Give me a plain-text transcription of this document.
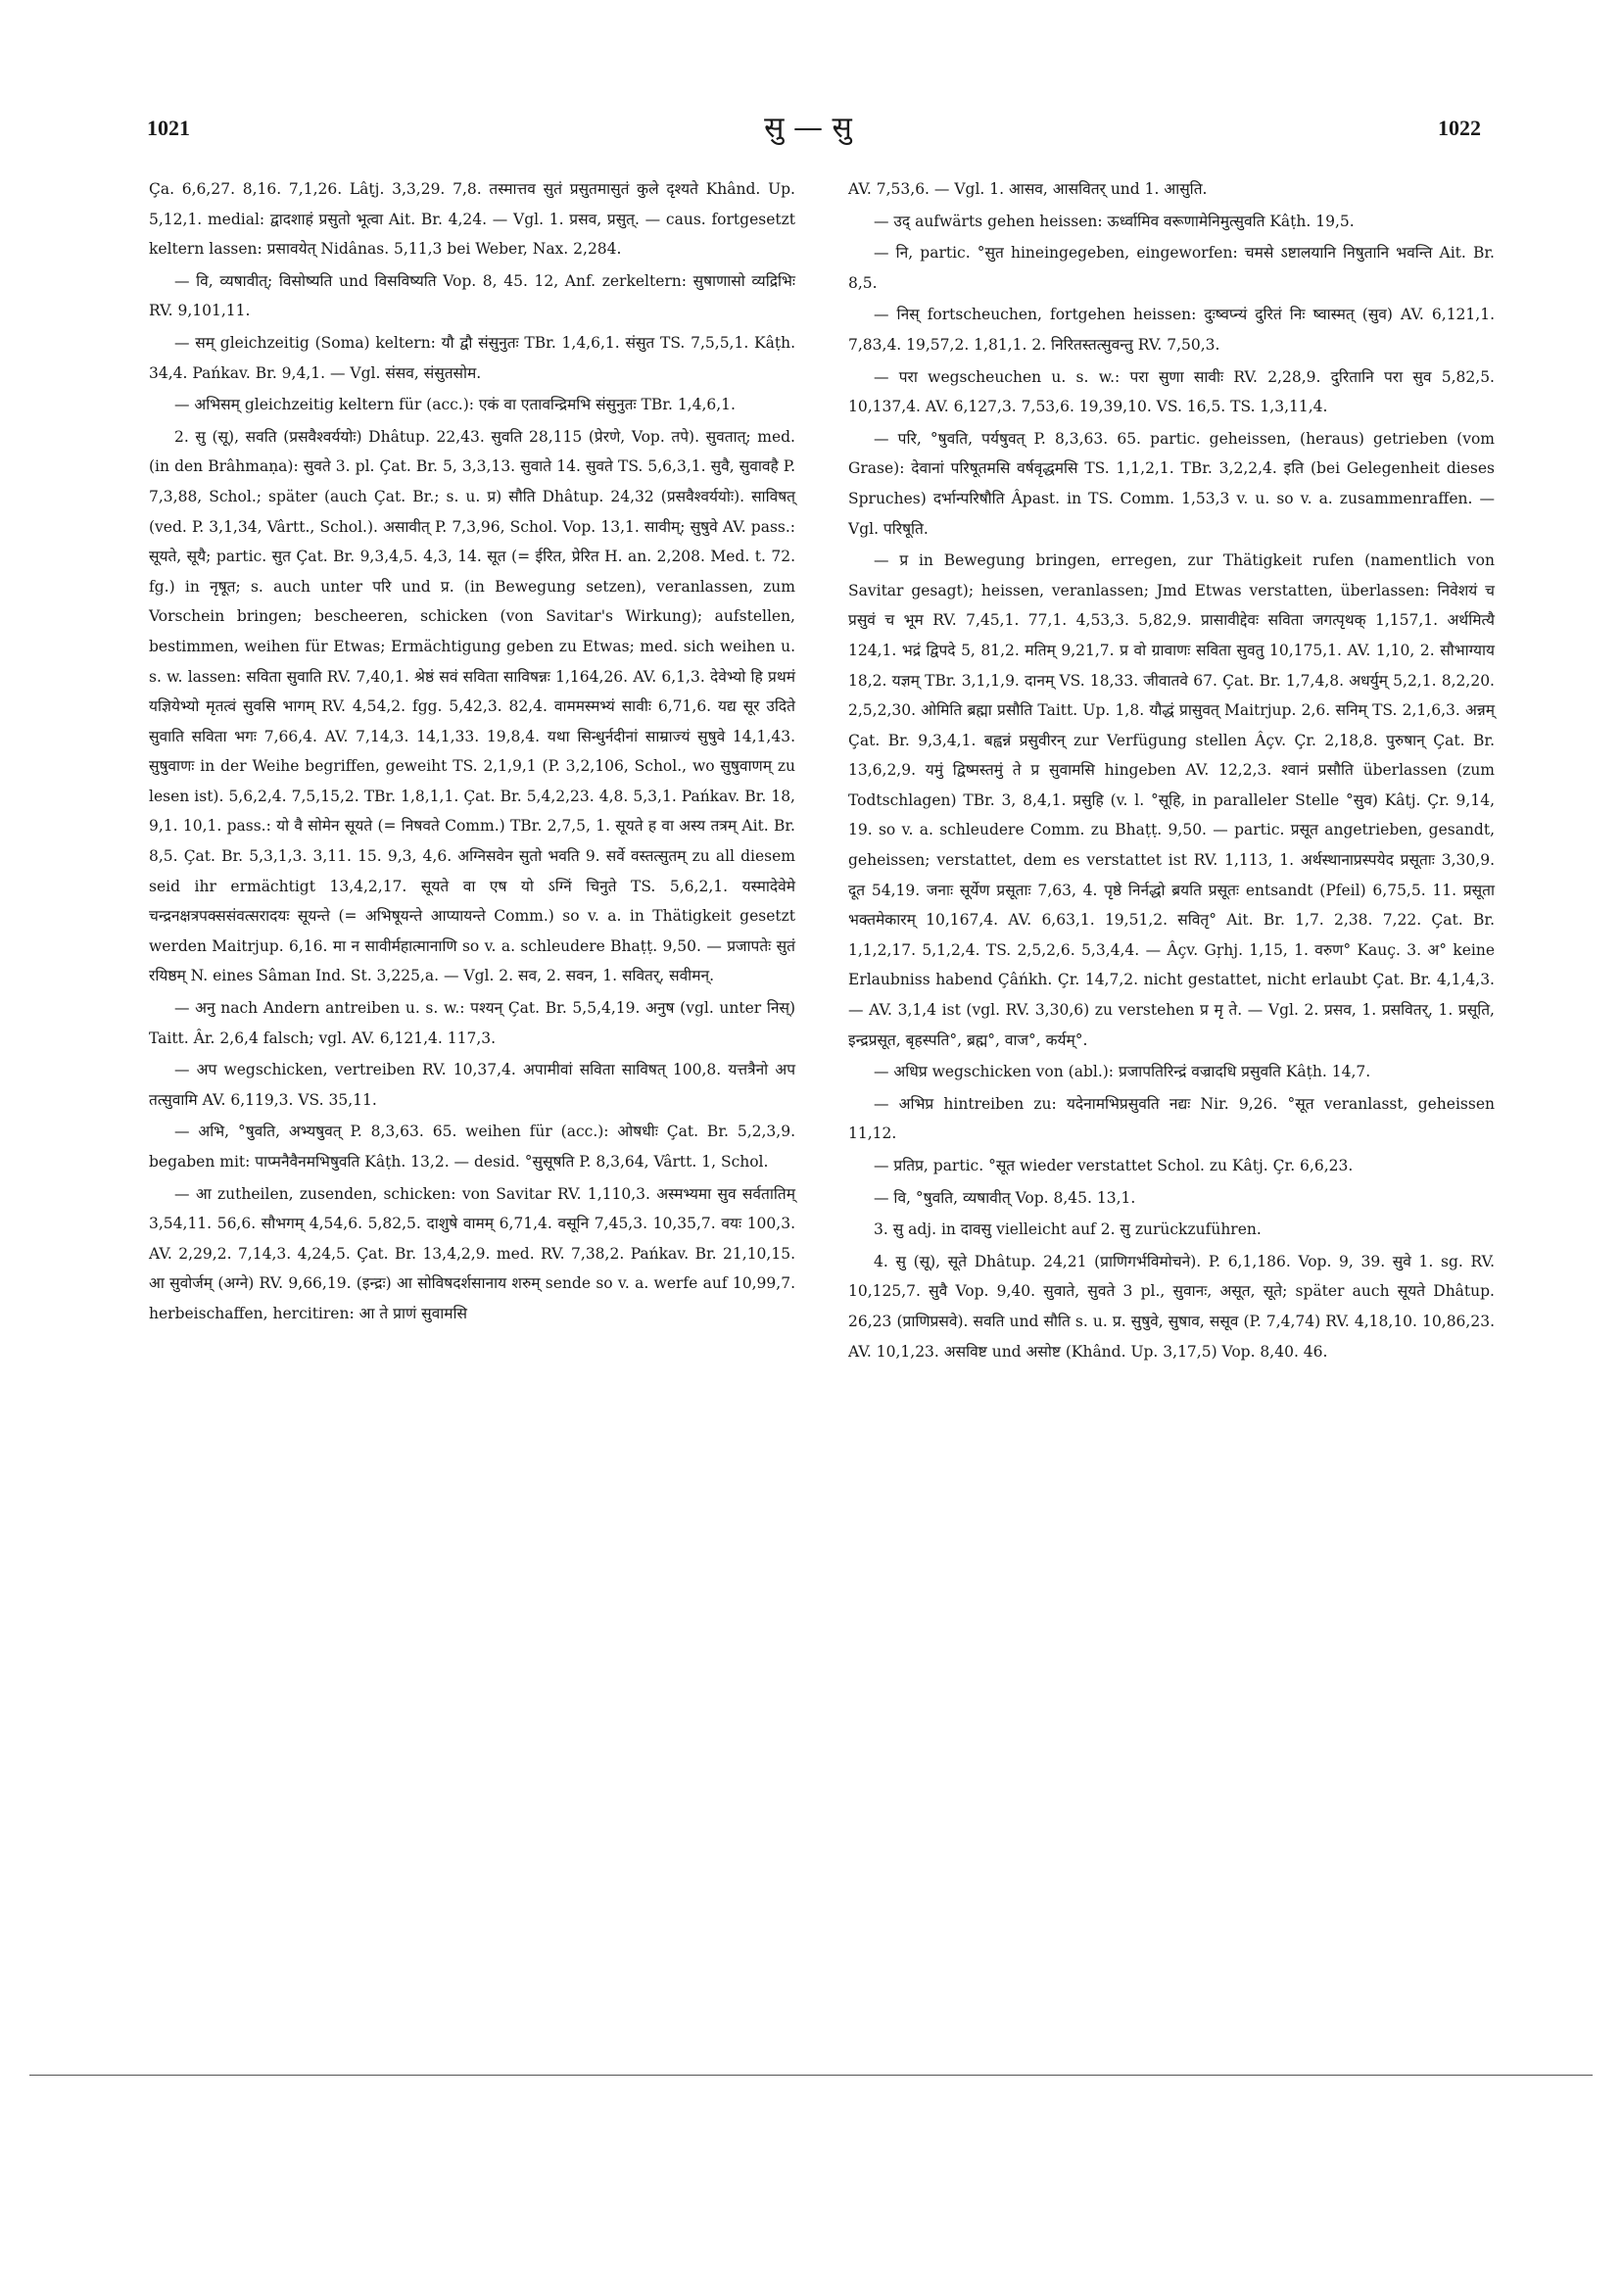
1021	सु — सु	1022

Ça. 6,6,27. 8,16. 7,1,26. Lâṭj. 3,3,29. 7,8. तस्मात्तव सुतं प्रसुतमासुतं कुले दृश्यते Khând. Up. 5,12,1. medial: द्वादशाहं प्रसुतो भूत्वा Ait. Br. 4,24. — Vgl. 1. प्रसव, प्रसुत्. — caus. fortgesetzt keltern lassen: प्रसावयेत् Nidânas. 5,11,3 bei Weber, Nax. 2,284.

— वि, व्यषावीत्; विसोष्यति und विसविष्यति Vop. 8, 45. 12, Anf. zerkeltern: सुषाणासो व्यद्रिभिः RV. 9,101,11.

— सम् gleichzeitig (Soma) keltern: यौ द्वौ संसुनुतः TBr. 1,4,6,1. संसुत TS. 7,5,5,1. Kâṭh. 34,4. Pańkav. Br. 9,4,1. — Vgl. संसव, संसुतसोम.

— अभिसम् gleichzeitig keltern für (acc.): एकं वा एतावन्द्रिमभि संसुनुतः TBr. 1,4,6,1.

2. सु (सू), सवति (प्रसवैश्वर्ययोः) Dhâtup. 22,43. सुवति 28,115 (प्रेरणे, Vop. तपे). सुवतात्; med. (in den Brâhmaṇa): सुवते 3. pl. Çat. Br. 5, 3,3,13. सुवाते 14. सुवते TS. 5,6,3,1. सुवै, सुवावहै P. 7,3,88, Schol.; später (auch Çat. Br.; s. u. प्र) सौति Dhâtup. 24,32 (प्रसवैश्वर्ययोः). साविषत् (ved. P. 3,1,34, Vârtt., Schol.). असावीत् P. 7,3,96, Schol. Vop. 13,1. सावीम्; सुषुवे AV. pass.: सूयते, सूयै; partic. सुत Çat. Br. 9,3,4,5. 4,3, 14. सूत (= ईरित, प्रेरित H. an. 2,208. Med. t. 72. fg.) in नृषूत; s. auch unter परि und प्र. (in Bewegung setzen), veranlassen, zum Vorschein bringen; bescheeren, schicken (von Savitar's Wirkung); aufstellen, bestimmen, weihen für Etwas; Ermächtigung geben zu Etwas; med. sich weihen u. s. w. lassen: सविता सुवाति RV. 7,40,1. श्रेष्ठं सवं सविता साविषन्नः 1,164,26. AV. 6,1,3. देवेभ्यो हि प्रथमं यज्ञियेभ्यो मृतत्वं सुवसि भागम् RV. 4,54,2. fgg. 5,42,3. 82,4. वाममस्मभ्यं सावीः 6,71,6. यद्य सूर उदिते सुवाति सविता भगः 7,66,4. AV. 7,14,3. 14,1,33. 19,8,4. यथा सिन्धुर्नदीनां साम्राज्यं सुषुवे 14,1,43. सुषुवाणः in der Weihe begriffen, geweiht TS. 2,1,9,1 (P. 3,2,106, Schol., wo सुषुवाणम् zu lesen ist). 5,6,2,4. 7,5,15,2. TBr. 1,8,1,1. Çat. Br. 5,4,2,23. 4,8. 5,3,1. Pańkav. Br. 18, 9,1. 10,1. pass.: यो वै सोमेन सूयते (= निषवते Comm.) TBr. 2,7,5, 1. सूयते ह वा अस्य तत्रम् Ait. Br. 8,5. Çat. Br. 5,3,1,3. 3,11. 15. 9,3, 4,6. अग्निसवेन सुतो भवति 9. सर्वे वस्तत्सुतम् zu all diesem seid ihr ermächtigt 13,4,2,17. सूयते वा एष यो ऽग्निं चिनुते TS. 5,6,2,1. यस्मादेवेमे चन्द्रनक्षत्रपक्ससंवत्सरादयः सूयन्ते (= अभिषूयन्ते आप्यायन्ते Comm.) so v. a. in Thätigkeit gesetzt werden Maitrjup. 6,16. मा न सावीर्महात्मानाणि so v. a. schleudere Bhaṭṭ. 9,50. — प्रजापतेः सुतं रयिष्ठम् N. eines Sâman Ind. St. 3,225,a. — Vgl. 2. सव, 2. सवन, 1. सवितर्, सवीमन्.

— अनु nach Andern antreiben u. s. w.: पश्यन् Çat. Br. 5,5,4,19. अनुष (vgl. unter निस्) Taitt. Âr. 2,6,4 falsch; vgl. AV. 6,121,4. 117,3.

— अप wegschicken, vertreiben RV. 10,37,4. अपामीवां सविता साविषत् 100,8. यत्तत्रैनो अप तत्सुवामि AV. 6,119,3. VS. 35,11.

— अभि, °षुवति, अभ्यषुवत् P. 8,3,63. 65. weihen für (acc.): ओषधीः Çat. Br. 5,2,3,9. begaben mit: पाप्मनैवैनमभिषुवति Kâṭh. 13,2. — desid. °सुसूषति P. 8,3,64, Vârtt. 1, Schol.

— आ zutheilen, zusenden, schicken: von Savitar RV. 1,110,3. अस्मभ्यमा सुव सर्वतातिम् 3,54,11. 56,6. सौभगम् 4,54,6. 5,82,5. दाशुषे वामम् 6,71,4. वसूनि 7,45,3. 10,35,7. वयः 100,3. AV. 2,29,2. 7,14,3. 4,24,5. Çat. Br. 13,4,2,9. med. RV. 7,38,2. Pańkav. Br. 21,10,15. आ सुवोर्जम् (अग्ने) RV. 9,66,19. (इन्द्रः) आ सोविषदर्शसानाय शरुम् sende so v. a. werfe auf 10,99,7. herbeischaffen, hercitiren: आ ते प्राणं सुवामसि

AV. 7,53,6. — Vgl. 1. आसव, आसवितर् und 1. आसुति.

— उद् aufwärts gehen heissen: ऊर्ध्वामिव वरूणामेनिमुत्सुवति Kâṭh. 19,5.

— नि, partic. °सुत hineingegeben, eingeworfen: चमसे ऽष्टालयानि निषुतानि भवन्ति Ait. Br. 8,5.

— निस् fortscheuchen, fortgehen heissen: दुःष्वप्न्यं दुरितं निः ष्वास्मत् (सुव) AV. 6,121,1. 7,83,4. 19,57,2. 1,81,1. 2. निरितस्तत्सुवन्तु RV. 7,50,3.

— परा wegscheuchen u. s. w.: परा सुणा सावीः RV. 2,28,9. दुरितानि परा सुव 5,82,5. 10,137,4. AV. 6,127,3. 7,53,6. 19,39,10. VS. 16,5. TS. 1,3,11,4.

— परि, °षुवति, पर्यषुवत् P. 8,3,63. 65. partic. geheissen, (heraus) getrieben (vom Grase): देवानां परिषूतमसि वर्षवृद्धमसि TS. 1,1,2,1. TBr. 3,2,2,4. इति (bei Gelegenheit dieses Spruches) दर्भान्परिषौति Âpast. in TS. Comm. 1,53,3 v. u. so v. a. zusammenraffen. — Vgl. परिषूति.

— प्र in Bewegung bringen, erregen, zur Thätigkeit rufen (namentlich von Savitar gesagt); heissen, veranlassen; Jmd Etwas verstatten, überlassen: निवेशयं च प्रसुवं च भूम RV. 7,45,1. 77,1. 4,53,3. 5,82,9. प्रासावीद्देवः सविता जगत्पृथक् 1,157,1. अर्थमित्यै 124,1. भद्रं द्विपदे 5, 81,2. मतिम् 9,21,7. प्र वो ग्रावाणः सविता सुवतु 10,175,1. AV. 1,10, 2. सौभाग्याय 18,2. यज्ञम् TBr. 3,1,1,9. दानम् VS. 18,33. जीवातवे 67. Çat. Br. 1,7,4,8. अधर्युम् 5,2,1. 8,2,20. 2,5,2,30. ओमिति ब्रह्मा प्रसौति Taitt. Up. 1,8. यौद्धं प्रासुवत् Maitrjup. 2,6. सनिम् TS. 2,1,6,3. अन्नम् Çat. Br. 9,3,4,1. बह्वन्नं प्रसुवीरन् zur Verfügung stellen Âçv. Çr. 2,18,8. पुरुषान् Çat. Br. 13,6,2,9. यमुं द्विष्मस्तमुं ते प्र सुवामसि hingeben AV. 12,2,3. श्वानं प्रसौति überlassen (zum Todtschlagen) TBr. 3, 8,4,1. प्रसुहि (v. l. °सूहि, in paralleler Stelle °सुव) Kâtj. Çr. 9,14, 19. so v. a. schleudere Comm. zu Bhaṭṭ. 9,50. — partic. प्रसूत angetrieben, gesandt, geheissen; verstattet, dem es verstattet ist RV. 1,113, 1. अर्थस्थानाप्रस्पयेद प्रसूताः 3,30,9. दूत 54,19. जनाः सूर्येण प्रसूताः 7,63, 4. पृष्ठे निर्नद्धो ब्रयति प्रसूतः entsandt (Pfeil) 6,75,5. 11. प्रसूता भक्तमेकारम् 10,167,4. AV. 6,63,1. 19,51,2. सवितृ° Ait. Br. 1,7. 2,38. 7,22. Çat. Br. 1,1,2,17. 5,1,2,4. TS. 2,5,2,6. 5,3,4,4. — Âçv. Gṛhj. 1,15, 1. वरुण° Kauç. 3. अ° keine Erlaubniss habend Çâńkh. Çr. 14,7,2. nicht gestattet, nicht erlaubt Çat. Br. 4,1,4,3. — AV. 3,1,4 ist (vgl. RV. 3,30,6) zu verstehen प्र मृ ते. — Vgl. 2. प्रसव, 1. प्रसवितर्, 1. प्रसूति, इन्द्रप्रसूत, बृहस्पति°, ब्रह्म°, वाज°, कर्यम्°.

— अधिप्र wegschicken von (abl.): प्रजापतिरिन्द्रं वज्रादधि प्रसुवति Kâṭh. 14,7.

— अभिप्र hintreiben zu: यदेनामभिप्रसुवति नद्यः Nir. 9,26. °सूत veranlasst, geheissen 11,12.

— प्रतिप्र, partic. °सूत wieder verstattet Schol. zu Kâtj. Çr. 6,6,23.

— वि, °षुवति, व्यषावीत् Vop. 8,45. 13,1.

3. सु adj. in दावसु vielleicht auf 2. सु zurückzuführen.

4. सु (सू), सूते Dhâtup. 24,21 (प्राणिगर्भविमोचने). P. 6,1,186. Vop. 9, 39. सुवे 1. sg. RV. 10,125,7. सुवै Vop. 9,40. सुवाते, सुवते 3 pl., सुवानः, असूत, सूते; später auch सूयते Dhâtup. 26,23 (प्राणिप्रसवे). सवति und सौति s. u. प्र. सुषुवे, सुषाव, ससूव (P. 7,4,74) RV. 4,18,10. 10,86,23. AV. 10,1,23. असविष्ट und असोष्ट (Khând. Up. 3,17,5) Vop. 8,40. 46.
